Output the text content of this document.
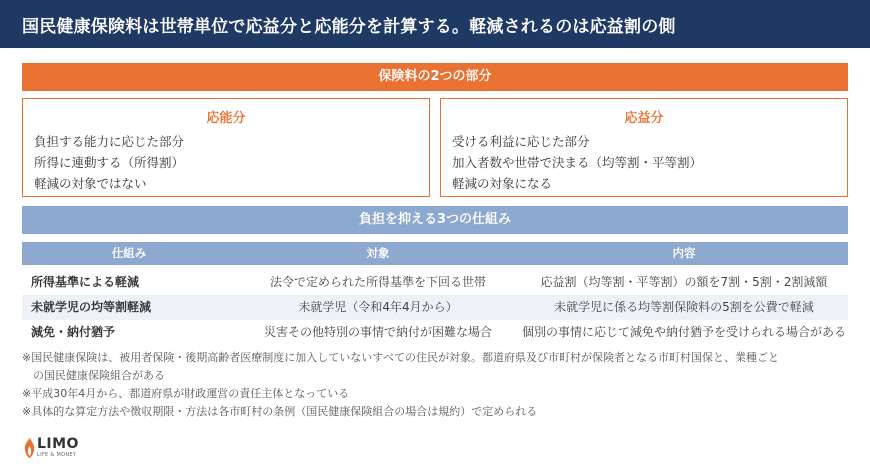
国民健康保険料は世帯単位で応益分と応能分を計算する。軽減されるのは応益割の側
保険料の2つの部分
応能分
負担する能力に応じた部分
所得に連動する（所得割）
軽減の対象ではない
応益分
受ける利益に応じた部分
加入者数や世帯で決まる（均等割・平等割）
軽減の対象になる
負担を抑える3つの仕組み
仕組み	対象	内容
所得基準による軽減	法令で定められた所得基準を下回る世帯	応益割（均等割・平等割）の額を7割・5割・2割減額
未就学児の均等割軽減	未就学児（令和4年4月から）	未就学児に係る均等割保険料の5割を公費で軽減
減免・納付猶予	災害その他特別の事情で納付が困難な場合	個別の事情に応じて減免や納付猶予を受けられる場合がある
※国民健康保険は、被用者保険・後期高齢者医療制度に加入していないすべての住民が対象。都道府県及び市町村が保険者となる市町村国保と、業種ごと
　の国民健康保険組合がある
※平成30年4月から、都道府県が財政運営の責任主体となっている
※具体的な算定方法や徴収期限・方法は各市町村の条例（国民健康保険組合の場合は規約）で定められる
LIMO
LIFE & MONEY
